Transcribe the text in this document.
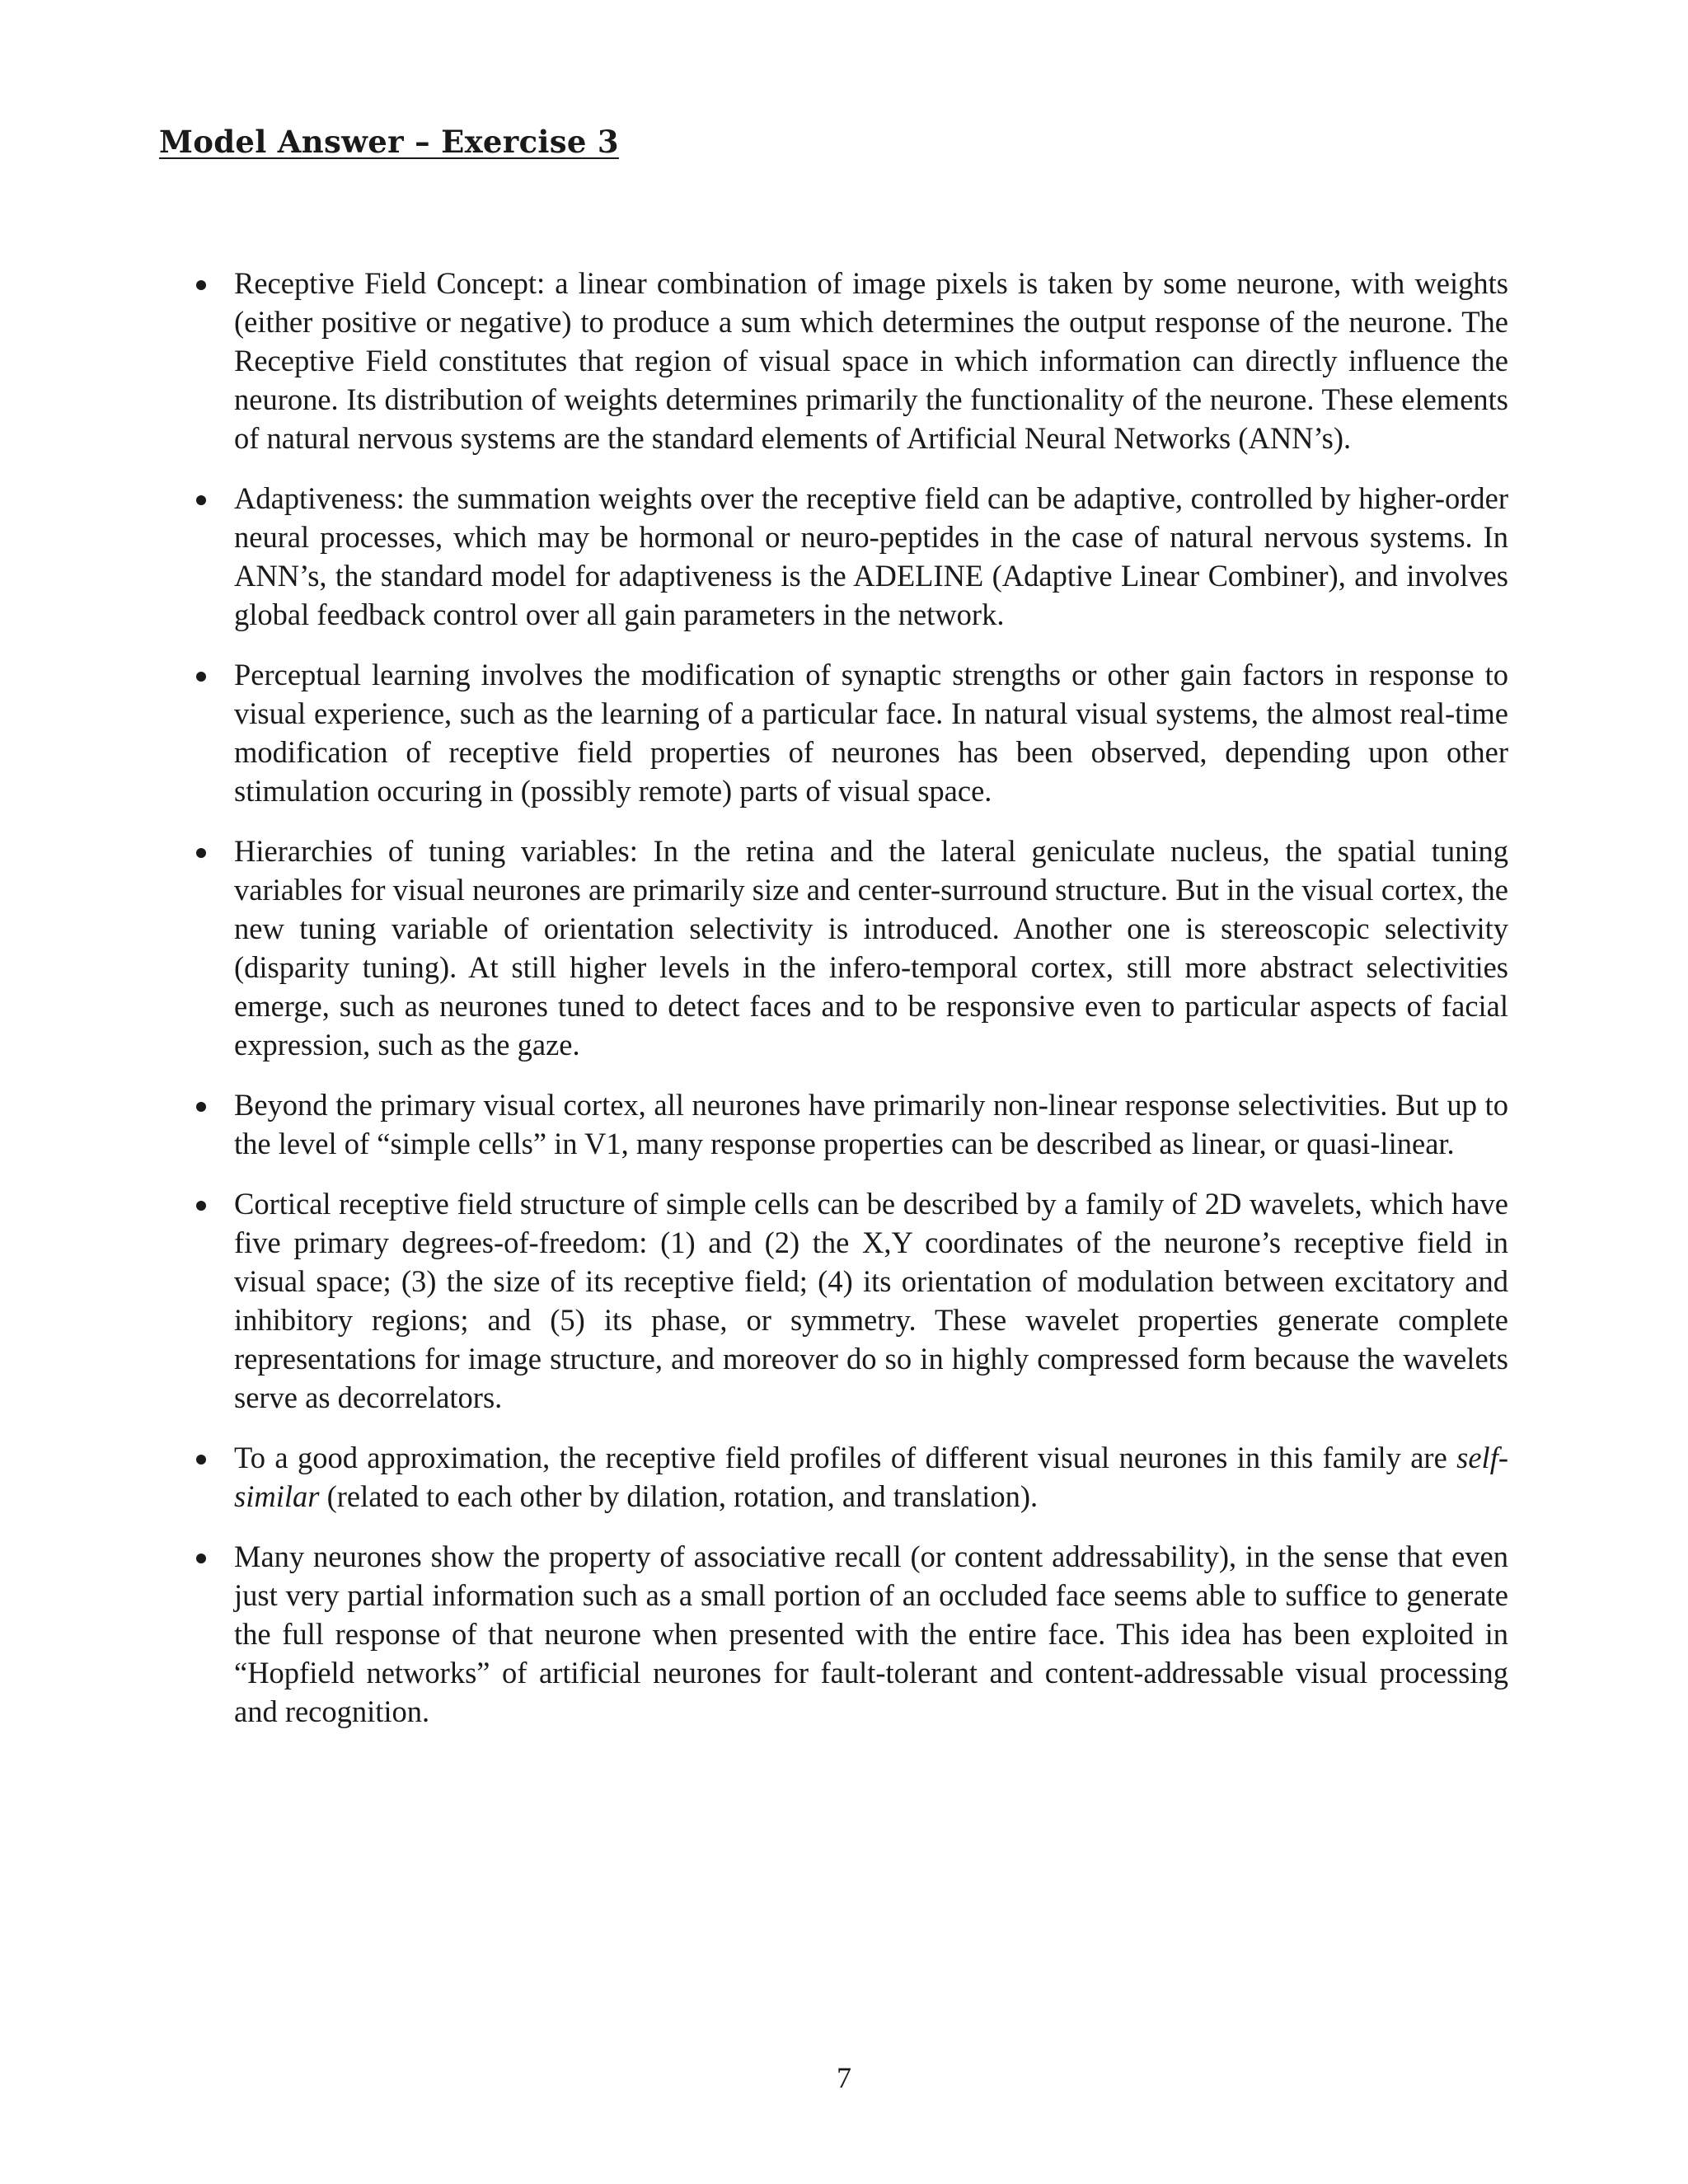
Model Answer – Exercise 3
Receptive Field Concept: a linear combination of image pixels is taken by some neurone, with weights (either positive or negative) to produce a sum which determines the output response of the neurone. The Receptive Field constitutes that region of visual space in which information can directly influence the neurone. Its distribution of weights determines primarily the functionality of the neurone. These elements of natural nervous systems are the standard elements of Artificial Neural Networks (ANN’s).
Adaptiveness: the summation weights over the receptive field can be adaptive, controlled by higher-order neural processes, which may be hormonal or neuro-peptides in the case of natural nervous systems. In ANN’s, the standard model for adaptiveness is the ADELINE (Adaptive Linear Combiner), and involves global feedback control over all gain parameters in the network.
Perceptual learning involves the modification of synaptic strengths or other gain factors in response to visual experience, such as the learning of a particular face. In natural visual systems, the almost real-time modification of receptive field properties of neurones has been observed, depending upon other stimulation occuring in (possibly remote) parts of visual space.
Hierarchies of tuning variables: In the retina and the lateral geniculate nucleus, the spatial tuning variables for visual neurones are primarily size and center-surround structure. But in the visual cortex, the new tuning variable of orientation selectivity is introduced. Another one is stereoscopic selectivity (disparity tuning). At still higher levels in the infero-temporal cortex, still more abstract selectivities emerge, such as neurones tuned to detect faces and to be responsive even to particular aspects of facial expression, such as the gaze.
Beyond the primary visual cortex, all neurones have primarily non-linear response selectivities. But up to the level of “simple cells” in V1, many response properties can be described as linear, or quasi-linear.
Cortical receptive field structure of simple cells can be described by a family of 2D wavelets, which have five primary degrees-of-freedom: (1) and (2) the X,Y coordinates of the neurone’s receptive field in visual space; (3) the size of its receptive field; (4) its orientation of modulation between excitatory and inhibitory regions; and (5) its phase, or symmetry. These wavelet properties generate complete representations for image structure, and moreover do so in highly compressed form because the wavelets serve as decorrelators.
To a good approximation, the receptive field profiles of different visual neurones in this family are self-similar (related to each other by dilation, rotation, and translation).
Many neurones show the property of associative recall (or content addressability), in the sense that even just very partial information such as a small portion of an occluded face seems able to suffice to generate the full response of that neurone when presented with the entire face. This idea has been exploited in “Hopfield networks” of artificial neurones for fault-tolerant and content-addressable visual processing and recognition.
7
